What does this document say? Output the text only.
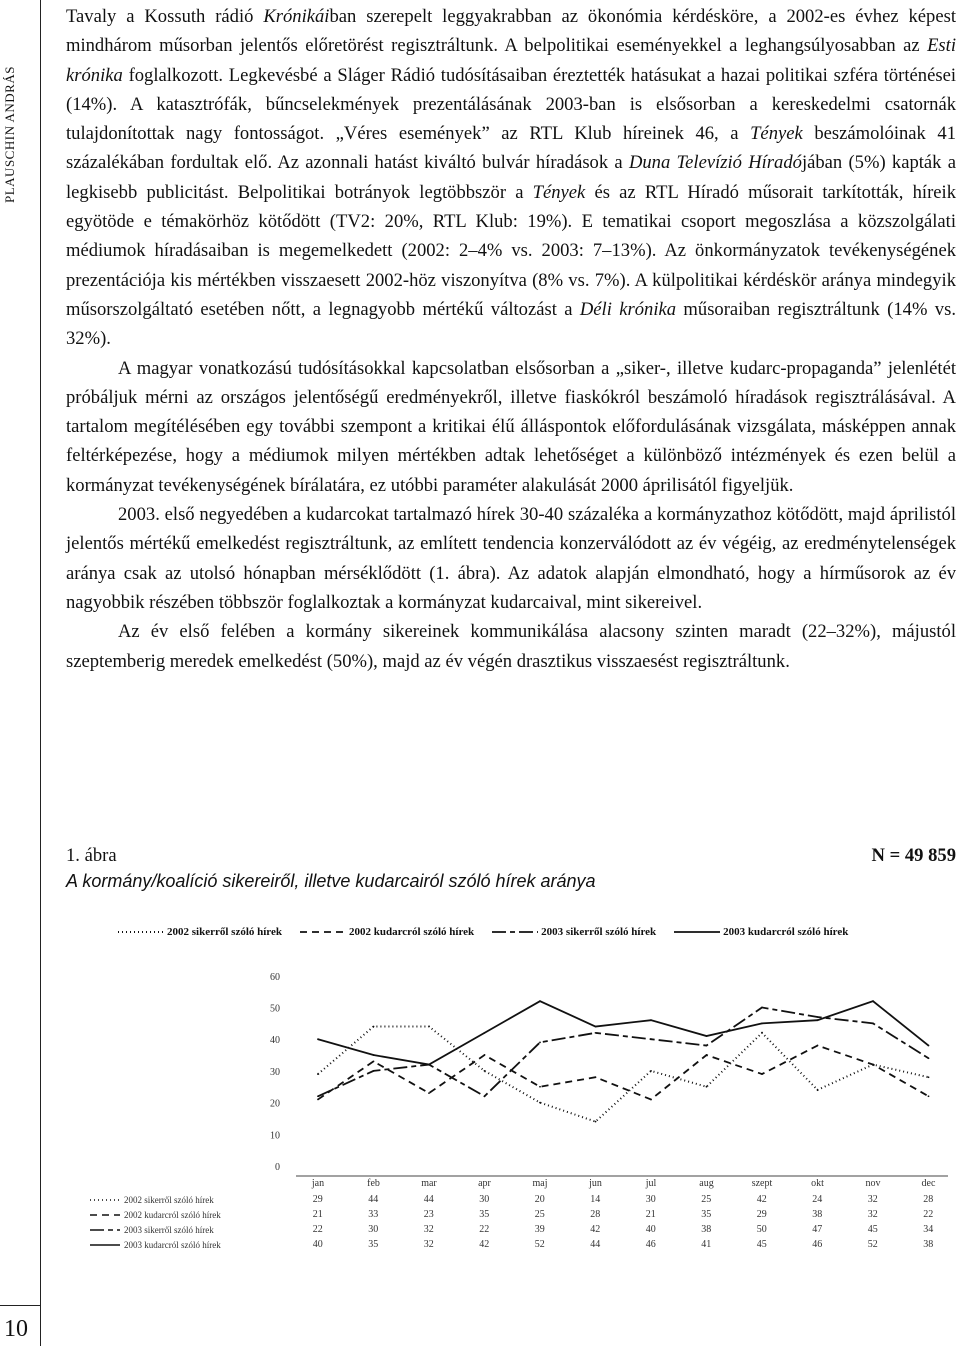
PLAUSCHIN ANDRÁS
10

Tavaly a Kossuth rádió Krónikáiban szerepelt leggyakrabban az ökonómia kérdésköre, a 2002-es évhez képest mindhárom műsorban jelentős előretörést regisztráltunk. A belpolitikai eseményekkel a leghangsúlyosabban az Esti krónika foglalkozott. Legkevésbé a Sláger Rádió tudósításaiban éreztették hatásukat a hazai politikai szféra történései (14%). A katasztrófák, bűncselekmények prezentálásának 2003-ban is elsősorban a kereskedelmi csatornák tulajdonítottak nagy fontosságot. „Véres események” az RTL Klub híreinek 46, a Tények beszámolóinak 41 százalékában fordultak elő. Az azonnali hatást kiváltó bulvár híradások a Duna Televízió Híradójában (5%) kapták a legkisebb publicitást. Belpolitikai botrányok legtöbbször a Tények és az RTL Híradó műsorait tarkították, híreik egyötöde e témakörhöz kötődött (TV2: 20%, RTL Klub: 19%). E tematikai csoport megoszlása a közszolgálati médiumok híradásaiban is megemelkedett (2002: 2–4% vs. 2003: 7–13%). Az önkormányzatok tevékenységének prezentációja kis mértékben visszaesett 2002-höz viszonyítva (8% vs. 7%). A külpolitikai kérdéskör aránya mindegyik műsorszolgáltató esetében nőtt, a legnagyobb mértékű változást a Déli krónika műsoraiban regisztráltunk (14% vs. 32%).

A magyar vonatkozású tudósításokkal kapcsolatban elsősorban a „siker-, illetve kudarc-propaganda” jelenlétét próbáljuk mérni az országos jelentőségű eredményekről, illetve fiaskókról beszámoló híradások regisztrálásával. A tartalom megítélésében egy további szempont a kritikai élű álláspontok előfordulásának vizsgálata, másképpen annak feltérképezése, hogy a médiumok milyen mértékben adtak lehetőséget a különböző intézmények és ezen belül a kormányzat tevékenységének bírálatára, ez utóbbi paraméter alakulását 2000 áprilisától figyeljük.

2003. első negyedében a kudarcokat tartalmazó hírek 30-40 százaléka a kormányzathoz kötődött, majd áprilistól jelentős mértékű emelkedést regisztráltunk, az említett tendencia konzerválódott az év végéig, az eredménytelenségek aránya csak az utolsó hónapban mérséklődött (1. ábra). Az adatok alapján elmondható, hogy a hírműsorok az év nagyobbik részében többször foglalkoztak a kormányzat kudarcaival, mint sikereivel.

Az év első felében a kormány sikereinek kommunikálása alacsony szinten maradt (22–32%), májustól szeptemberig meredek emelkedést (50%), majd az év végén drasztikus visszaesést regisztráltunk.

1. ábra	N = 49 859
A kormány/koalíció sikereiről, illetve kudarcairól szóló hírek aránya
2002 sikerről szóló hírek	2002 kudarcról szóló hírek	2003 sikerről szóló hírek	2003 kudarcról szóló hírek
0
10
20
30
40
50
60
jan	feb	mar	apr	maj	jun	jul	aug	szept	okt	nov	dec
2002 sikerről szóló hírek	29	44	44	30	20	14	30	25	42	24	32	28
2002 kudarcról szóló hírek	21	33	23	35	25	28	21	35	29	38	32	22
2003 sikerről szóló hírek	22	30	32	22	39	42	40	38	50	47	45	34
2003 kudarcról szóló hírek	40	35	32	42	52	44	46	41	45	46	52	38
